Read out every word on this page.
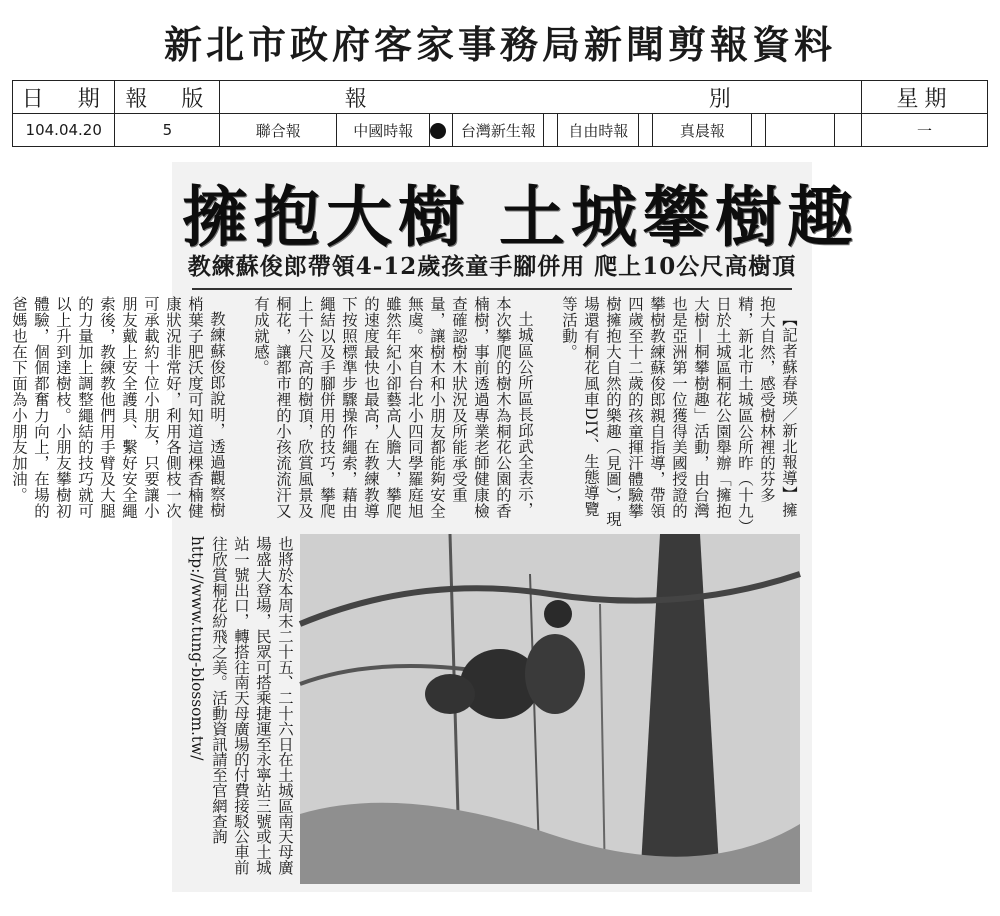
新北市政府客家事務局新聞剪報資料
日　期	報　版	報　　　　　　　　　　　　別											星期
104.04.20	5	聯合報	中國時報		台灣新生報		自由時報		真晨報				一
擁抱大樹 土城攀樹趣
教練蘇俊郎帶領4-12歲孩童手腳併用 爬上10公尺高樹頂

【記者蘇春瑛／新北報導】擁抱大自然，感受樹林裡的芬多精，新北市土城區公所昨（十九）日於土城區桐花公園舉辦「擁抱大樹—桐攀樹趣」活動，由台灣也是亞洲第一位獲得美國授證的攀樹教練蘇俊郎親自指導，帶領四歲至十二歲的孩童揮汗體驗攀樹擁抱大自然的樂趣（見圖），現場還有桐花風車DIY、生態導覽等活動。

土城區公所區長邱武全表示，本次攀爬的樹木為桐花公園的香楠樹，事前透過專業老師健康檢查確認樹木狀況及所能承受重量，讓樹木和小朋友都能夠安全無虞。來自台北小四同學羅庭旭雖然年紀小卻藝高人膽大，攀爬的速度最快也最高，在教練教導下按照標準步驟操作繩索，藉由繩結以及手腳併用的技巧，攀爬上十公尺高的樹頂，欣賞風景及桐花，讓都市裡的小孩流流汗又有成就感。

教練蘇俊郎說明，透過觀察樹梢葉子肥沃度可知道這棵香楠健康狀況非常好，利用各側枝一次可承載約十位小朋友，只要讓小朋友戴上安全護具、繫好安全繩索後，教練教他們用手臂及大腿的力量加上調整繩結的技巧就可以上升到達樹枝。小朋友攀樹初體驗，個個都奮力向上，在場的爸媽也在下面為小朋友加油。

也將於本周末二十五、二十六日在土城區南天母廣場盛大登場，民眾可搭乘捷運至永寧站三號或土城站一號出口，轉搭往南天母廣場的付費接駁公車前往欣賞桐花紛飛之美。活動資訊請至官網查詢http://www.tung-blossom.tw/
